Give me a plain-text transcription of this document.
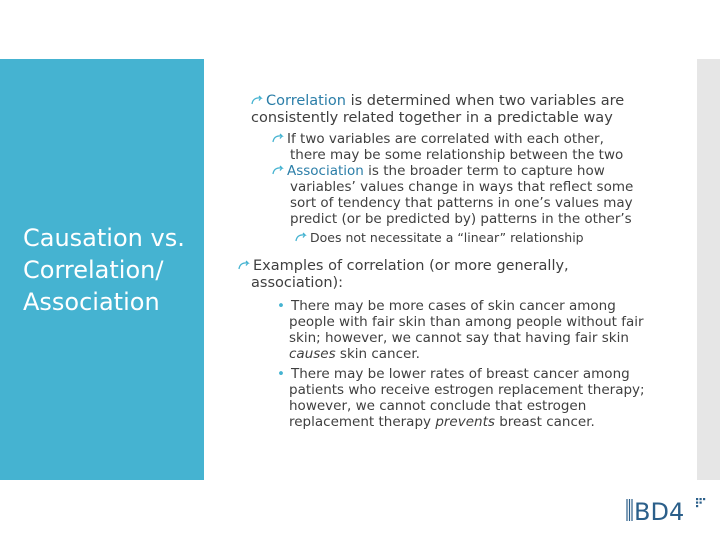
Causation vs. Correlation/ Association
Correlation is determined when two variables are
consistently related together in a predictable way
If two variables are correlated with each other,
there may be some relationship between the two
Association is the broader term to capture how
variables’ values change in ways that reflect some
sort of tendency that patterns in one’s values may
predict (or be predicted by) patterns in the other’s
Does not necessitate a “linear” relationship
Examples of correlation (or more generally,
association):
• There may be more cases of skin cancer among
people with fair skin than among people without fair
skin; however, we cannot say that having fair skin
causes skin cancer.
• There may be lower rates of breast cancer among
patients who receive estrogen replacement therapy;
however, we cannot conclude that estrogen
replacement therapy prevents breast cancer.
BD4
